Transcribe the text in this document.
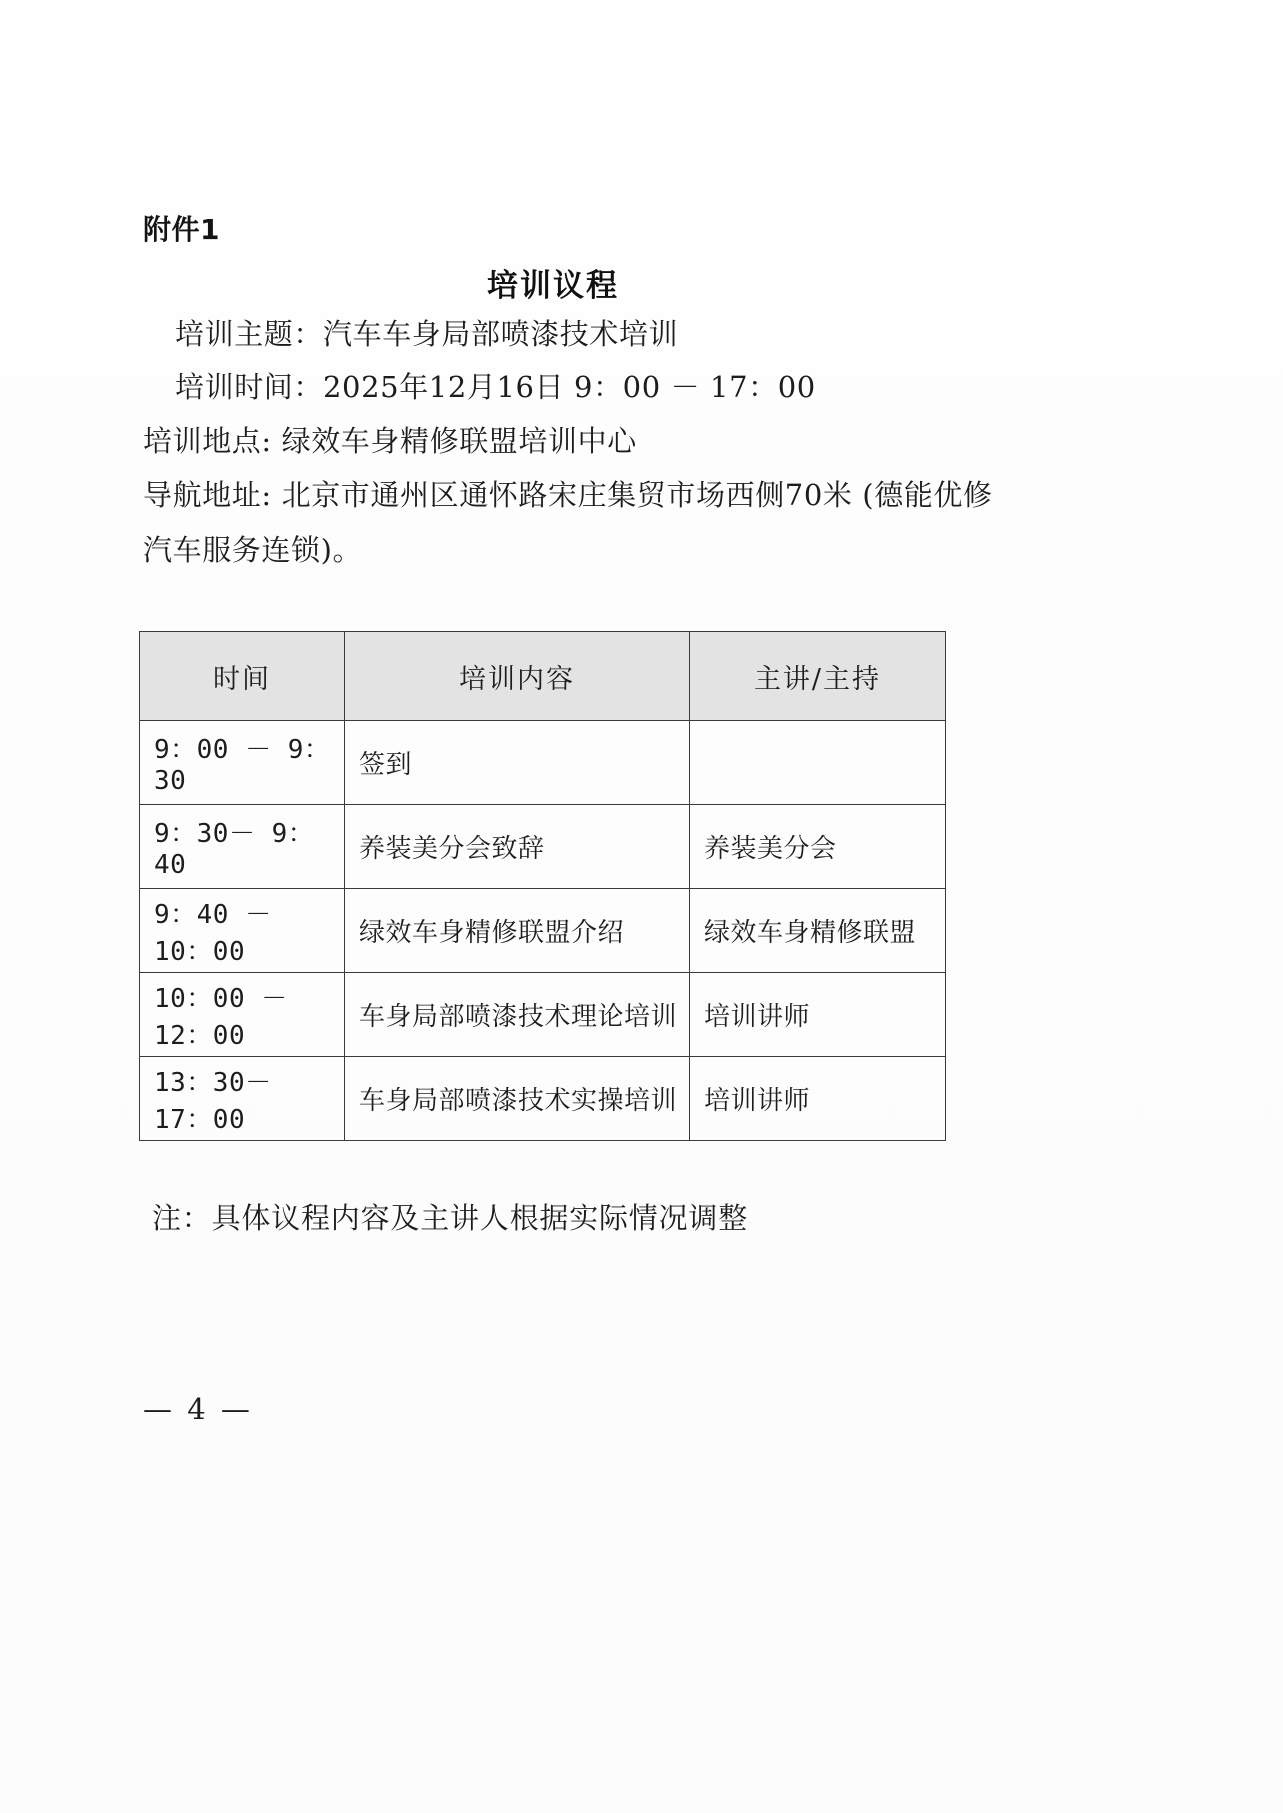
附件1
培训议程
培训主题：汽车车身局部喷漆技术培训
培训时间：2025年12月16日 9：00 － 17：00
培训地点: 绿效车身精修联盟培训中心
导航地址: 北京市通州区通怀路宋庄集贸市场西侧70米 (德能优修
汽车服务连锁)。
时间	培训内容	主讲/主持
9：00 － 9：30	签到	
9：30－ 9：40	养装美分会致辞	养装美分会
9：40 － 10：00	绿效车身精修联盟介绍	绿效车身精修联盟
10：00 － 12：00	车身局部喷漆技术理论培训	培训讲师
13：30－ 17：00	车身局部喷漆技术实操培训	培训讲师
注：具体议程内容及主讲人根据实际情况调整
— 4 —
